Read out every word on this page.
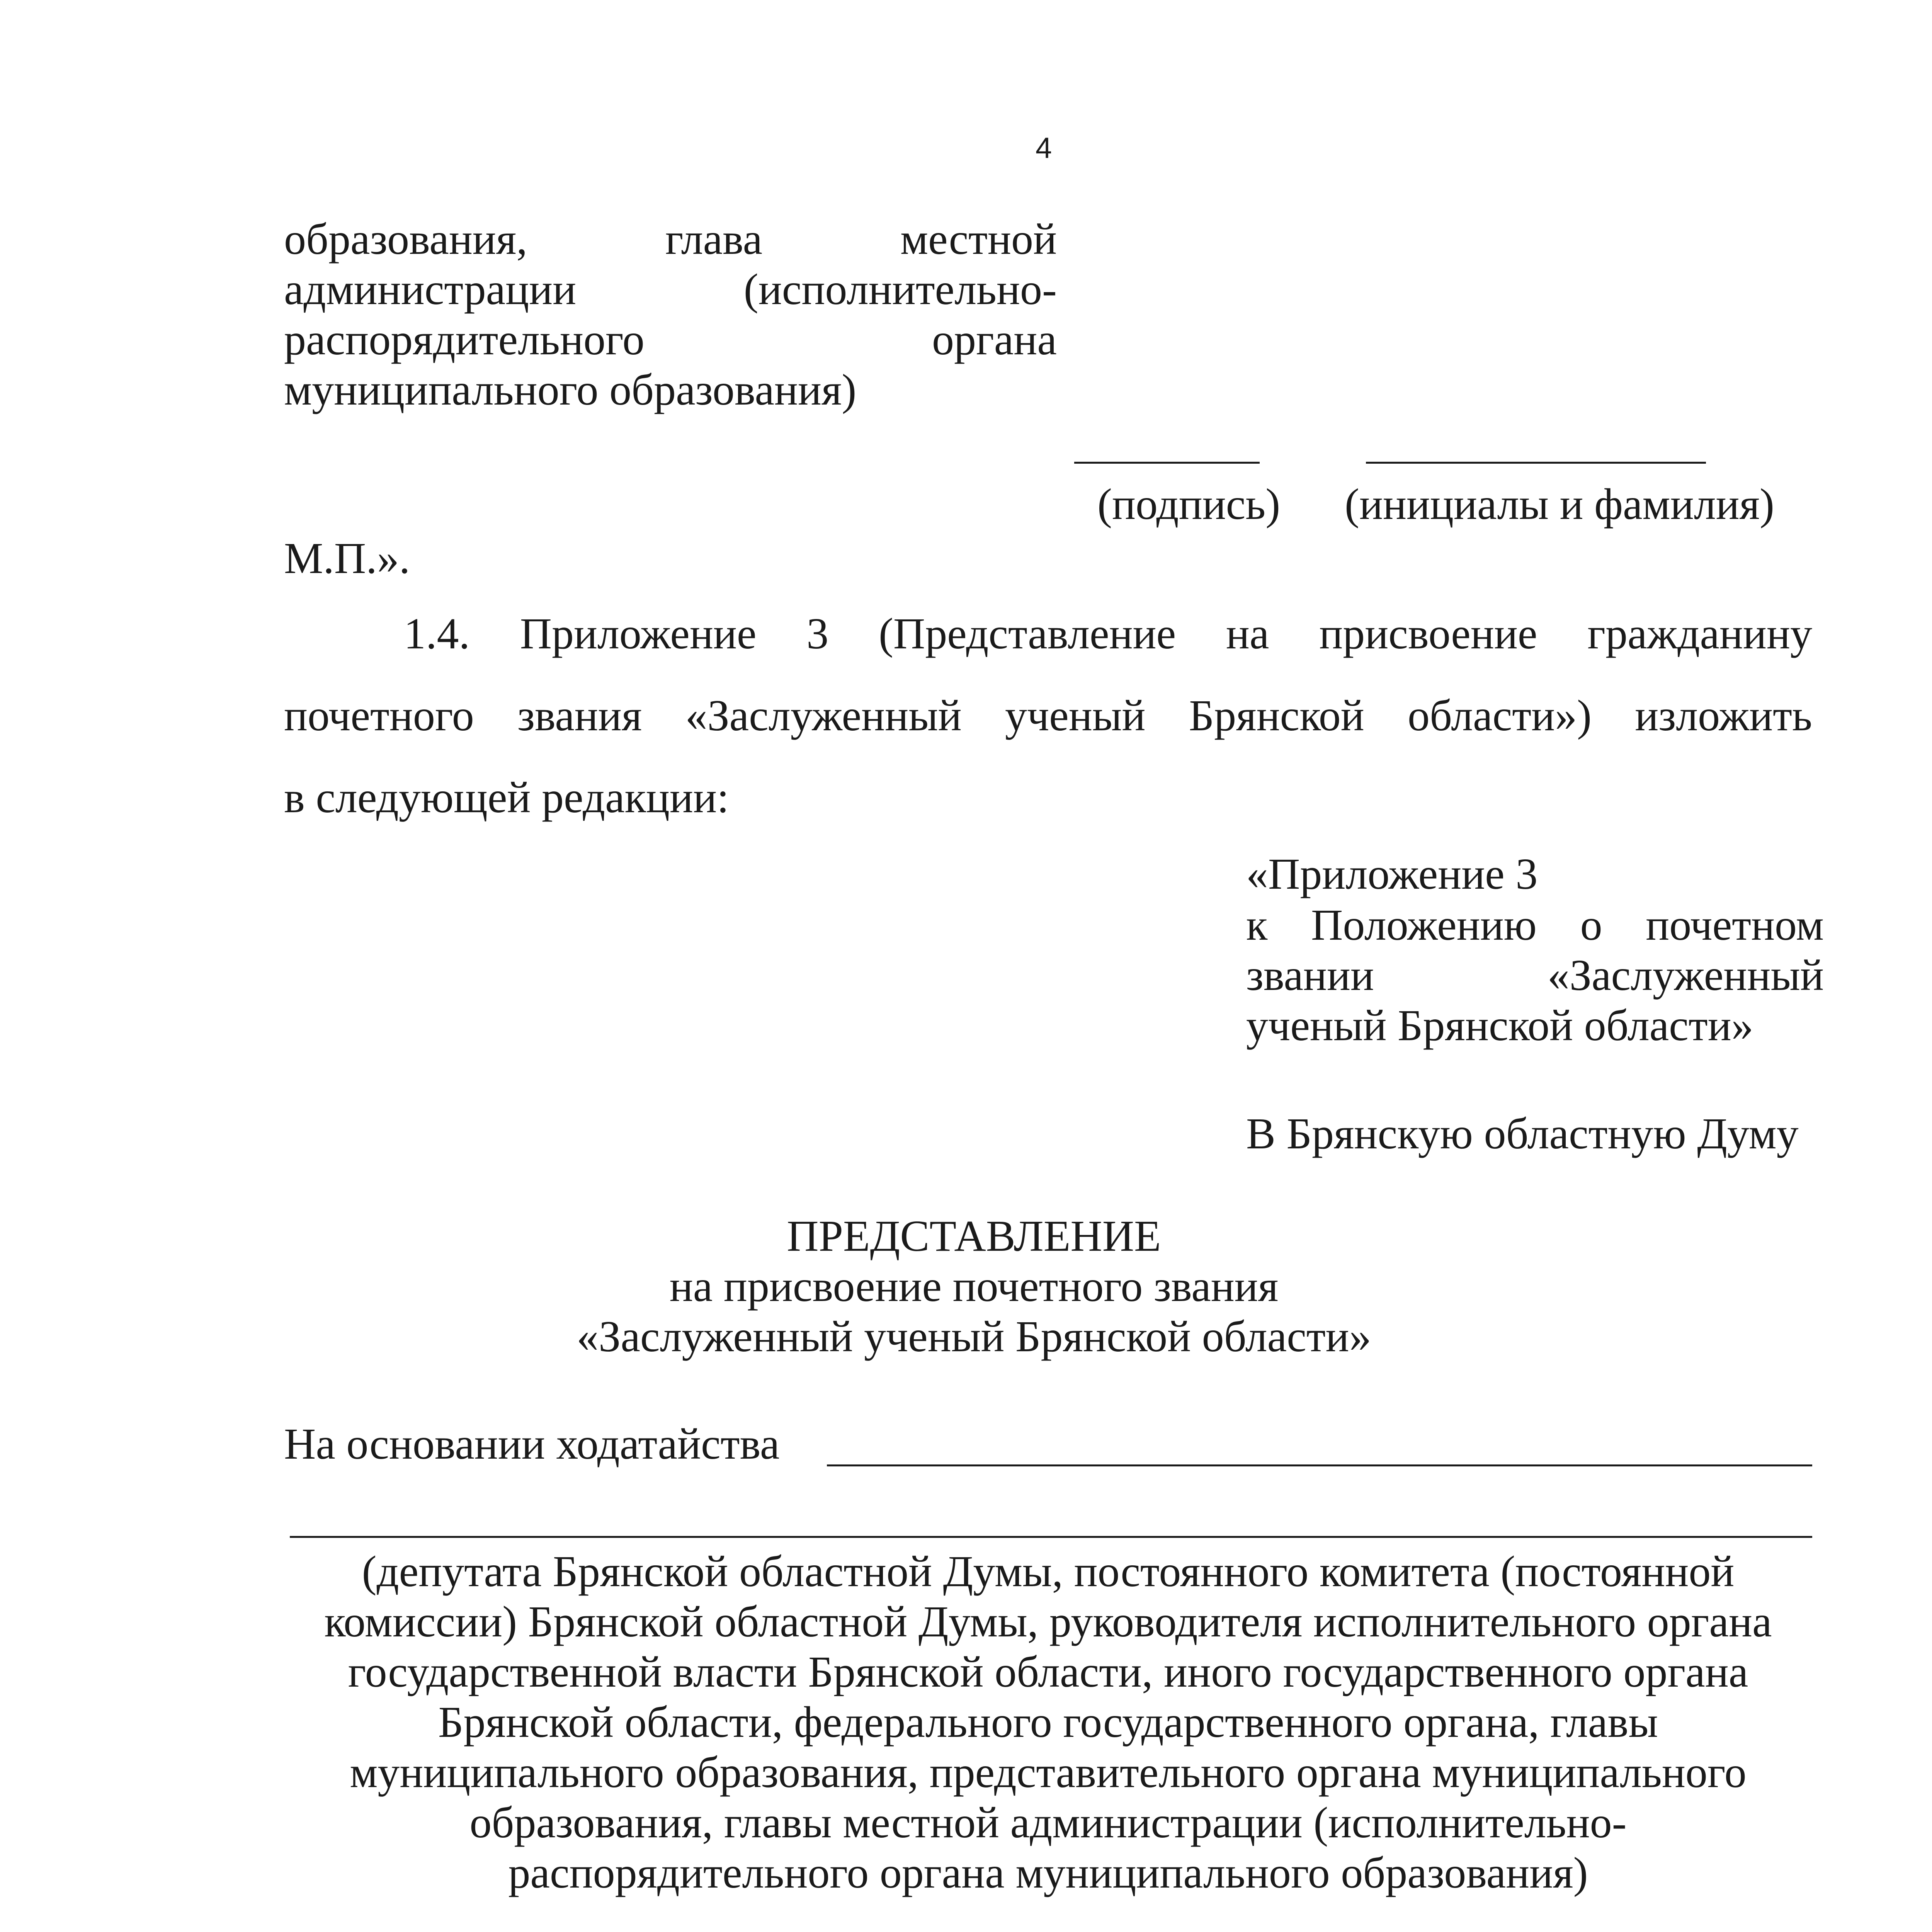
4
образования,	глава	местной
администрации	(исполнительно-
распорядительного	органа
муниципального образования)
(подпись) (инициалы и фамилия)
М.П.».
1.4. Приложение 3 (Представление на присвоение гражданину
почетного звания «Заслуженный ученый Брянской области») изложить
в следующей редакции:
«Приложение 3
к Положению о почетном
звании	«Заслуженный
ученый Брянской области»
В Брянскую областную Думу
ПРЕДСТАВЛЕНИЕ
на присвоение почетного звания
«Заслуженный ученый Брянской области»
На основании ходатайства
(депутата Брянской областной Думы, постоянного комитета (постоянной
комиссии) Брянской областной Думы, руководителя исполнительного органа
государственной власти Брянской области, иного государственного органа
Брянской области, федерального государственного органа, главы
муниципального образования, представительного органа муниципального
образования, главы местной администрации (исполнительно-
распорядительного органа муниципального образования)
